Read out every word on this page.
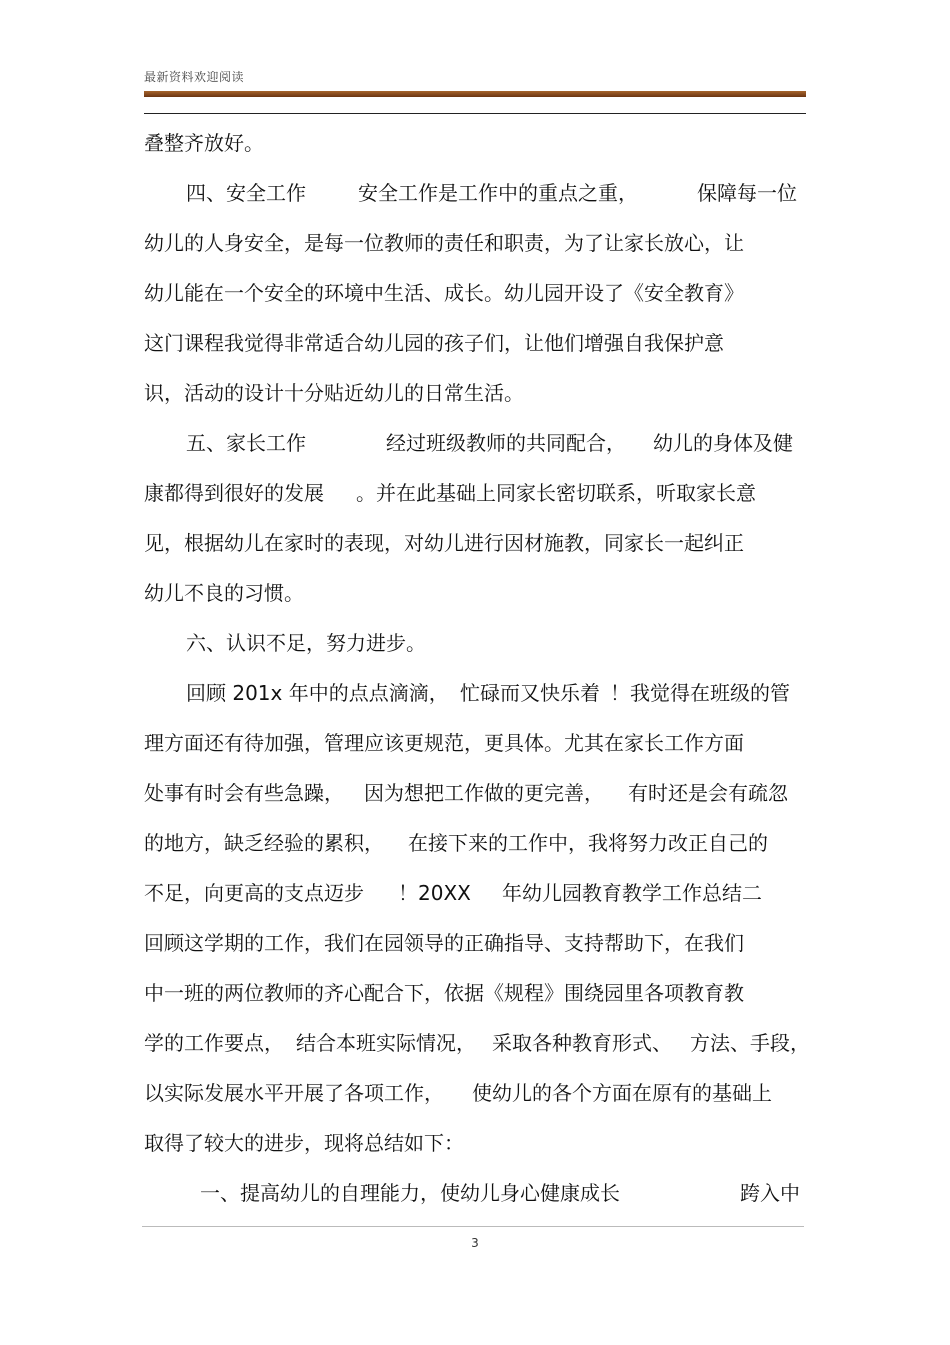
最新资料欢迎阅读

叠整齐放好。

四、安全工作

	安全工作是工作中的重点之重，

	保障每一位

幼儿的人身安全，是每一位教师的责任和职责，为了让家长放心，让

幼儿能在一个安全的环境中生活、成长。幼儿园开设了《安全教育》

这门课程我觉得非常适合幼儿园的孩子们，让他们增强自我保护意

识，活动的设计十分贴近幼儿的日常生活。

五、家长工作

	经过班级教师的共同配合，

幼儿的身体及健

康都得到很好的发展

。并在此基础上同家长密切联系，听取家长意

见，根据幼儿在家时的表现，对幼儿进行因材施教，同家长一起纠正

幼儿不良的习惯。

六、认识不足，努力进步。

回顾 201x 年中的点点滴滴，

忙碌而又快乐着

！我觉得在班级的管

理方面还有待加强，管理应该更规范，更具体。尤其在家长工作方面

处事有时会有些急躁，

因为想把工作做的更完善，

有时还是会有疏忽

的地方，缺乏经验的累积，

在接下来的工作中，我将努力改正自己的

不足，向更高的支点迈步

！20XX

年幼儿园教育教学工作总结二

回顾这学期的工作，我们在园领导的正确指导、支持帮助下，在我们

中一班的两位教师的齐心配合下，依据《规程》围绕园里各项教育教

学的工作要点，

结合本班实际情况，

采取各种教育形式、

方法、手段，

以实际发展水平开展了各项工作，

使幼儿的各个方面在原有的基础上

取得了较大的进步，现将总结如下：

一、提高幼儿的自理能力，使幼儿身心健康成长

	跨入中

3
